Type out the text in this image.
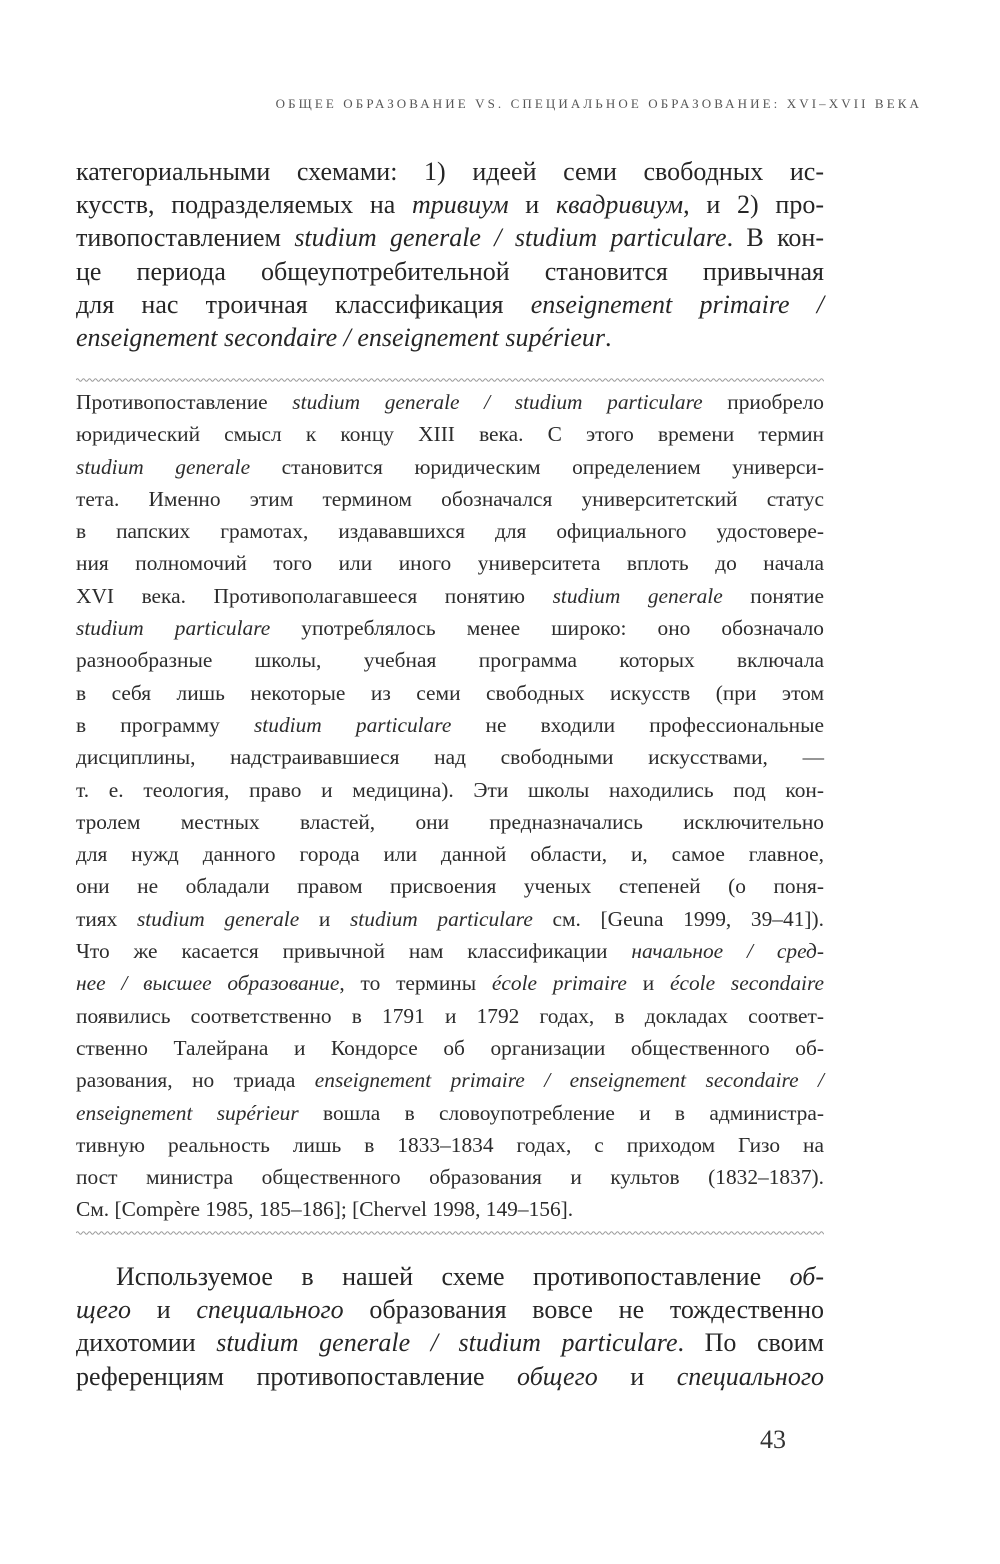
ОБЩЕЕ ОБРАЗОВАНИЕ VS. СПЕЦИАЛЬНОЕ ОБРАЗОВАНИЕ: XVI–XVII ВЕКА
категориальными схемами: 1) идеей семи свободных ис-
кусств, подразделяемых на тривиум и квадривиум, и 2) про-
тивопоставлением studium generale / studium particulare. В кон-
це периода общеупотребительной становится привычная
для нас троичная классификация enseignement primaire /
enseignement secondaire / enseignement supérieur.
Противопоставление studium generale / studium particulare приобрело
юридический смысл к концу XIII века. С этого времени термин
studium generale становится юридическим определением универси-
тета. Именно этим термином обозначался университетский статус
в папских грамотах, издававшихся для официального удостовере-
ния полномочий того или иного университета вплоть до начала
XVI века. Противополагавшееся понятию studium generale понятие
studium particulare употреблялось менее широко: оно обозначало
разнообразные школы, учебная программа которых включала
в себя лишь некоторые из семи свободных искусств (при этом
в программу studium particulare не входили профессиональные
дисциплины, надстраивавшиеся над свободными искусствами, —
т. е. теология, право и медицина). Эти школы находились под кон-
тролем местных властей, они предназначались исключительно
для нужд данного города или данной области, и, самое главное,
они не обладали правом присвоения ученых степеней (о поня-
тиях studium generale и studium particulare см. [Geuna 1999, 39–41]).
Что же касается привычной нам классификации начальное / сред-
нее / высшее образование, то термины école primaire и école secondaire
появились соответственно в 1791 и 1792 годах, в докладах соответ-
ственно Талейрана и Кондорсе об организации общественного об-
разования, но триада enseignement primaire / enseignement secondaire /
enseignement supérieur вошла в словоупотребление и в администра-
тивную реальность лишь в 1833–1834 годах, с приходом Гизо на
пост министра общественного образования и культов (1832–1837).
См. [Compère 1985, 185–186]; [Chervel 1998, 149–156].
Используемое в нашей схеме противопоставление об-
щего и специального образования вовсе не тождественно
дихотомии studium generale / studium particulare. По своим
референциям противопоставление общего и специального
43
